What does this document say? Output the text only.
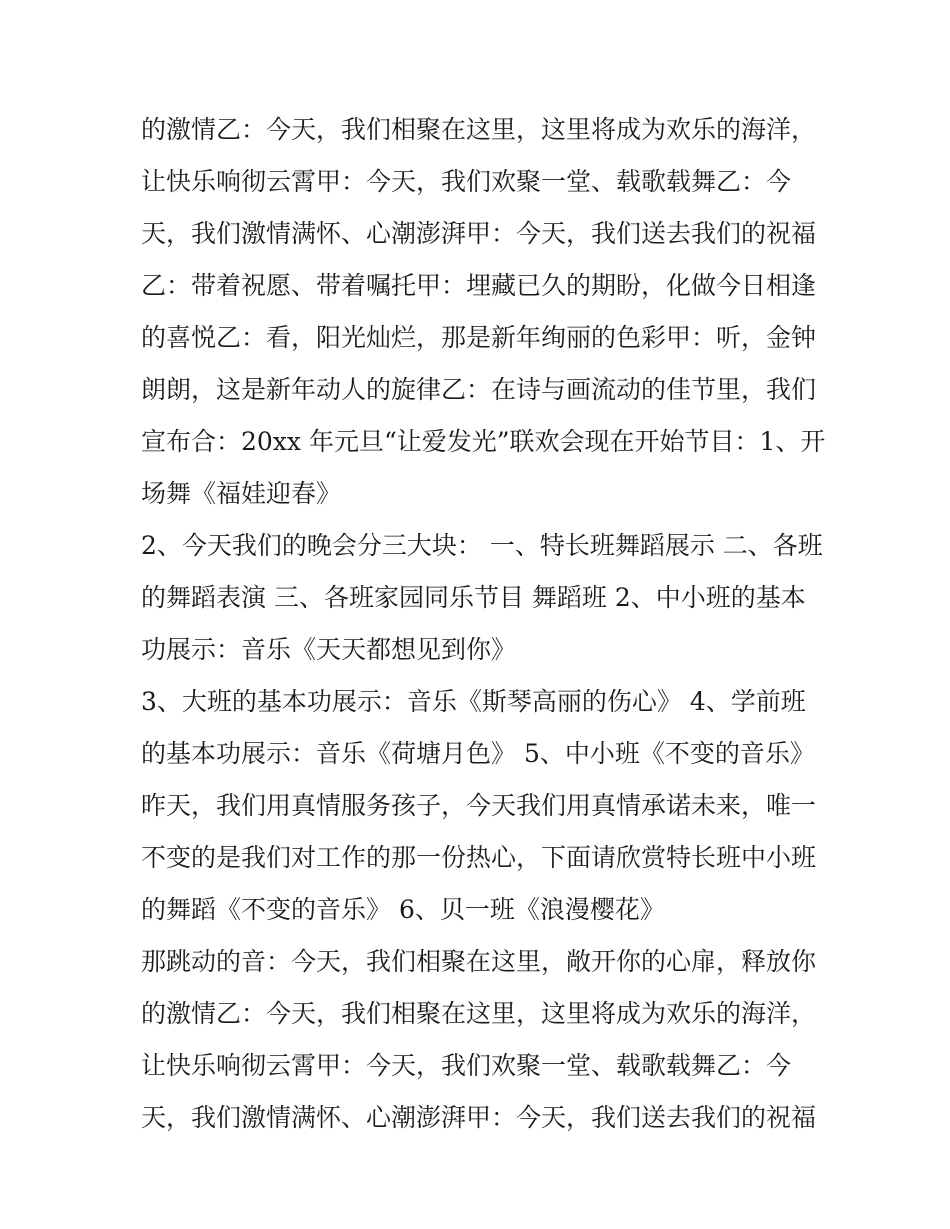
的激情乙：今天，我们相聚在这里，这里将成为欢乐的海洋，
让快乐响彻云霄甲：今天，我们欢聚一堂、载歌载舞乙：今
天，我们激情满怀、心潮澎湃甲：今天，我们送去我们的祝福
乙：带着祝愿、带着嘱托甲：埋藏已久的期盼，化做今日相逢
的喜悦乙：看，阳光灿烂，那是新年绚丽的色彩甲：听，金钟
朗朗，这是新年动人的旋律乙：在诗与画流动的佳节里，我们
宣布合：20xx 年元旦“让爱发光”联欢会现在开始节目：1、开
场舞《福娃迎春》
2、今天我们的晚会分三大块： 一、特长班舞蹈展示 二、各班
的舞蹈表演 三、各班家园同乐节目 舞蹈班 2、中小班的基本
功展示：音乐《天天都想见到你》
3、大班的基本功展示：音乐《斯琴高丽的伤心》 4、学前班
的基本功展示：音乐《荷塘月色》 5、中小班《不变的音乐》
昨天，我们用真情服务孩子，今天我们用真情承诺未来，唯一
不变的是我们对工作的那一份热心，下面请欣赏特长班中小班
的舞蹈《不变的音乐》 6、贝一班《浪漫樱花》
那跳动的音：今天，我们相聚在这里，敞开你的心扉，释放你
的激情乙：今天，我们相聚在这里，这里将成为欢乐的海洋，
让快乐响彻云霄甲：今天，我们欢聚一堂、载歌载舞乙：今
天，我们激情满怀、心潮澎湃甲：今天，我们送去我们的祝福
